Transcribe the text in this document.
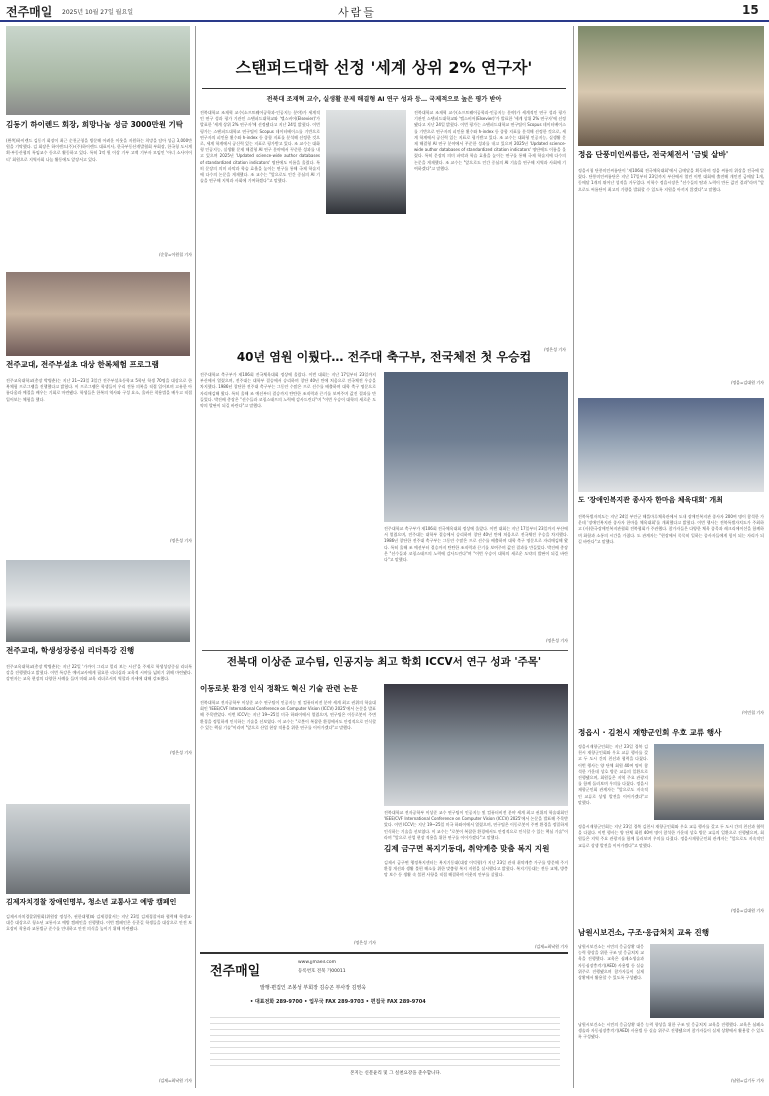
전주매일 2025년 10월 27일 월요일	사람들	15
김동기 하이렌드 회장, 희망나눔 성금 3000만원 기탁
(왼쪽)하이렌드 김동기 회장이 최근 순천군청을 방문해 어려운 이웃을 지원하는 희망을 담아 성금 3,000만원을 기탁했다. 김 회장은 하이렌드(주)·(주)하이렌드 대표이사, 한국부동산개발협회 부회장, 한국청 도시계획·부동산협의 특임교수 등으로 활동하고 있다. 특히 1억 원 이상 기부 고액 기부자 모임인 '아너 소사이어티' 회원으로 지역사회 나눔 활동에도 앞장서고 있다.
/순창=이원철 기자
전주교대, 전주부설초 대상 한복체험 프로그램
전주교육대학교(총장 박병춘)는 지난 21~23일 3일간 전주부설초등학교 5학년 학생 70명을 대상으로 한복체험 프로그램을 진행했다고 밝혔다. 이 프로그램은 학생들이 우리 전통 의복을 직접 입어보며 고유한 아름다움과 예절을 배우는 기회로 마련됐다. 학생들은 한복의 역사와 구성 요소, 올바른 착용법을 배우고 직접 입어보는 체험을 했다.
/정은성 기자
전주교대, 학생성장중심 리더특강 진행
전주교육대학교(총장 박병춘)는 지난 22일 '가까이 그리고 멀리 보는 시선'을 주제로 학생성장중심 리더특강을 진행했다고 밝혔다. 이번 특강은 예비교사에게 필요한 리더십과 교육적 시야를 넓히기 위해 마련됐다. 강연자는 교육 현장의 다양한 사례를 들며 미래 교육 리더로서의 역할과 자세에 대해 강조했다.
/정은성 기자
김제자치경찰 장애인명부, 청소년 교통사고 예방 캠페인
김제시자치경찰위원회(위원장 정성주, 권한대행)와 김제경찰서는 지난 23일 김제경찰서와 협력해 학생교·대응 대상으로 청소년 교통사고 예방 캠페인을 진행했다. 이번 캠페인은 등굣길 학생들을 대상으로 안전 보호장비 착용과 교통법규 준수를 안내하고 안전 의식을 높이기 위해 마련됐다.
/김제=최낙원 기자
스탠퍼드대학 선정 '세계 상위 2% 연구자'
전북대 조재혁 교수, 실생활 문제 해결형 AI 연구 성과 등… 국제적으로 높은 평가 받아
전북대학교 조재혁 교수(소프트웨어공학과·인공지능 분야)가 세계적인 연구 성과 평가 기관인 스탠퍼드대학교와 '엘스비어(Elsevier)'가 발표한 '세계 상위 2% 연구자'에 선정됐다고 지난 24일 밝혔다. 이번 평가는 스탠퍼드대학교 연구팀이 Scopus 데이터베이스를 기반으로 연구자의 피인용 횟수와 h-index 등 종합 지표를 분석해 선정한 것으로, 세계 학계에서 공신력 있는 지표로 평가받고 있다. 조 교수는 대화형 인공지능, 실생활 문제 해결형 AI 연구 분야에서 꾸준한 성과를 내고 있으며 2025년 'Updated science-wide author databases of standardized citation indicators' 명단에도 이름을 올렸다. 특히 문장의 의미 파악과 학습 효율을 높이는 연구를 통해 국제 학술지에 다수의 논문을 게재했다. 조 교수는 "앞으로도 인간 중심의 AI 기술을 연구해 지역과 사회에 기여하겠다"고 말했다.
전북대학교 조재혁 교수(소프트웨어공학과·인공지능 분야)가 세계적인 연구 성과 평가 기관인 스탠퍼드대학교와 '엘스비어(Elsevier)'가 발표한 '세계 상위 2% 연구자'에 선정됐다고 지난 24일 밝혔다. 이번 평가는 스탠퍼드대학교 연구팀이 Scopus 데이터베이스를 기반으로 연구자의 피인용 횟수와 h-index 등 종합 지표를 분석해 선정한 것으로, 세계 학계에서 공신력 있는 지표로 평가받고 있다. 조 교수는 대화형 인공지능, 실생활 문제 해결형 AI 연구 분야에서 꾸준한 성과를 내고 있으며 2025년 'Updated science-wide author databases of standardized citation indicators' 명단에도 이름을 올렸다. 특히 문장의 의미 파악과 학습 효율을 높이는 연구를 통해 국제 학술지에 다수의 논문을 게재했다. 조 교수는 "앞으로도 인간 중심의 AI 기술을 연구해 지역과 사회에 기여하겠다"고 말했다.
/정은성 기자
40년 염원 이뤘다… 전주대 축구부, 전국체전 첫 우승컵
전주대학교 축구부가 제106회 전국체육대회 정상에 올랐다. 이번 대회는 지난 17일부터 23일까지 부산에서 열렸으며, 전주대는 대학부 결승에서 승리하며 창단 40년 만에 처음으로 전국체전 우승을 차지했다. 1986년 창단한 전주대 축구부는 그동안 수많은 프로 선수를 배출하며 대학 축구 명문으로 자리매김해 왔다. 특히 올해 조 예선부터 결승까지 탄탄한 조직력과 끈기를 보여주며 값진 결과를 만들었다. 박진배 총장은 "선수들과 코칭스태프의 노력에 감사드린다"며 "이번 우승이 대학의 새로운 도약의 발판이 되길 바란다"고 말했다.
전주대학교 축구부가 제106회 전국체육대회 정상에 올랐다. 이번 대회는 지난 17일부터 23일까지 부산에서 열렸으며, 전주대는 대학부 결승에서 승리하며 창단 40년 만에 처음으로 전국체전 우승을 차지했다. 1986년 창단한 전주대 축구부는 그동안 수많은 프로 선수를 배출하며 대학 축구 명문으로 자리매김해 왔다. 특히 올해 조 예선부터 결승까지 탄탄한 조직력과 끈기를 보여주며 값진 결과를 만들었다. 박진배 총장은 "선수들과 코칭스태프의 노력에 감사드린다"며 "이번 우승이 대학의 새로운 도약의 발판이 되길 바란다"고 말했다.
/정은성 기자
전북대 이상준 교수팀, 인공지능 최고 학회 ICCV서 연구 성과 '주목'
이동로봇 환경 인식 정확도 혁신 기술 관련 논문
전북대학교 전자공학부 이상준 교수 연구팀이 인공지능 및 컴퓨터비전 분야 세계 최고 권위의 학술대회인 'IEEE/CVF International Conference on Computer Vision (ICCV) 2025'에서 논문을 발표해 주목받았다. 이번 ICCV는 지난 19~25일 미국 하와이에서 열렸으며, 연구팀은 이동로봇이 주변 환경을 정밀하게 인식하는 기술을 선보였다. 이 교수는 "로봇이 복잡한 환경에서도 안정적으로 인식할 수 있는 핵심 기술"이라며 "앞으로 산업 현장 적용을 위한 연구를 이어가겠다"고 말했다.
/정은성 기자
전북대학교 전자공학부 이상준 교수 연구팀이 인공지능 및 컴퓨터비전 분야 세계 최고 권위의 학술대회인 'IEEE/CVF International Conference on Computer Vision (ICCV) 2025'에서 논문을 발표해 주목받았다. 이번 ICCV는 지난 19~25일 미국 하와이에서 열렸으며, 연구팀은 이동로봇이 주변 환경을 정밀하게 인식하는 기술을 선보였다. 이 교수는 "로봇이 복잡한 환경에서도 안정적으로 인식할 수 있는 핵심 기술"이라며 "앞으로 산업 현장 적용을 위한 연구를 이어가겠다"고 말했다.
김제 금구면 복지기동대, 취약계층 맞춤 복지 지원
김제시 금구면 행정복지센터는 복지기동대(대장 이덕형)가 지난 23일 관내 취약계층 가구를 방문해 주거 환경 개선과 생활 불편 해소를 위한 맞춤형 복지 지원을 실시했다고 밝혔다. 복지기동대는 전등 교체, 방충망 보수 등 생활 속 불편 사항을 직접 해결하며 이웃의 안부를 살폈다.
/김제=최낙원 기자
전주매일
www.jjmaeil.com
등록번호 전북 가00011
발행·편집인 조봉성 부회장 김승곤 부사장 김영욱
• 대표전화 289-9700 • 업무국 FAX 289-9703 • 편집국 FAX 289-9704
본지는 신문윤리 및 그 실천요강을 준수합니다.
정읍 단풍미인씨름단, 전국체전서 '금빛 샅바'
정읍시청 단풍미인씨름단이 '제106회 전국체육대회'에서 금메달을 획득하며 정읍 씨름의 위상을 전국에 알렸다. 단풍미인씨름단은 지난 17일부터 23일까지 부산에서 열린 이번 대회에 출전해 개인전 금메달 1개, 동메달 1개의 뛰어난 성적을 거두었다. 이학수 정읍시장은 "선수들의 땀과 노력이 만든 값진 결과"라며 "앞으로도 씨름단이 최고의 기량을 발휘할 수 있도록 지원을 아끼지 않겠다"고 말했다.
/정읍=김대원 기자
도 '장애인복지관 종사자 한마음 체육대회' 개최
전북특별자치도는 지난 24일 부안군 해뜰마루체육관에서 도내 장애인복지관 종사자 200여 명이 참석한 가운데 '장애인복지관 종사자 한마음 체육대회'를 개최했다고 밝혔다. 이번 행사는 전북특별자치도가 주최하고 (사)한국장애인복지관협회 전북협회가 주관했다. 참가자들은 다양한 체육 종목과 레크리에이션을 함께하며 화합과 소통의 시간을 가졌다. 도 관계자는 "현장에서 묵묵히 일하는 종사자들에게 힘이 되는 자리가 되길 바란다"고 말했다.
/이민철 기자
정읍시 · 김천시 재향군인회 우호 교류 행사
정읍시재향군인회는 지난 23일 경북 김천시 재향군인회와 우호 교류 행사를 갖고 두 도시 간의 친선과 협력을 다졌다. 이번 행사는 양 단체 회원 40여 명이 참석한 가운데 상호 방문 교류의 일환으로 진행됐으며, 회원들은 지역 주요 관광지를 함께 둘러보며 우의를 다졌다. 정읍시재향군인회 관계자는 "앞으로도 지속적인 교류로 상생 발전을 이어가겠다"고 말했다.
정읍시재향군인회는 지난 23일 경북 김천시 재향군인회와 우호 교류 행사를 갖고 두 도시 간의 친선과 협력을 다졌다. 이번 행사는 양 단체 회원 40여 명이 참석한 가운데 상호 방문 교류의 일환으로 진행됐으며, 회원들은 지역 주요 관광지를 함께 둘러보며 우의를 다졌다. 정읍시재향군인회 관계자는 "앞으로도 지속적인 교류로 상생 발전을 이어가겠다"고 말했다.
/정읍=김대원 기자
남원시보건소, 구조·응급처치 교육 진행
남원시보건소는 시민의 응급상황 대응 능력 향상을 위한 구조 및 응급처치 교육을 진행했다. 교육은 심폐소생술과 자동심장충격기(AED) 사용법 등 실습 위주로 진행됐으며 참가자들이 실제 상황에서 활용할 수 있도록 구성됐다.
남원시보건소는 시민의 응급상황 대응 능력 향상을 위한 구조 및 응급처치 교육을 진행했다. 교육은 심폐소생술과 자동심장충격기(AED) 사용법 등 실습 위주로 진행됐으며 참가자들이 실제 상황에서 활용할 수 있도록 구성됐다.
/남원=김기두 기자
